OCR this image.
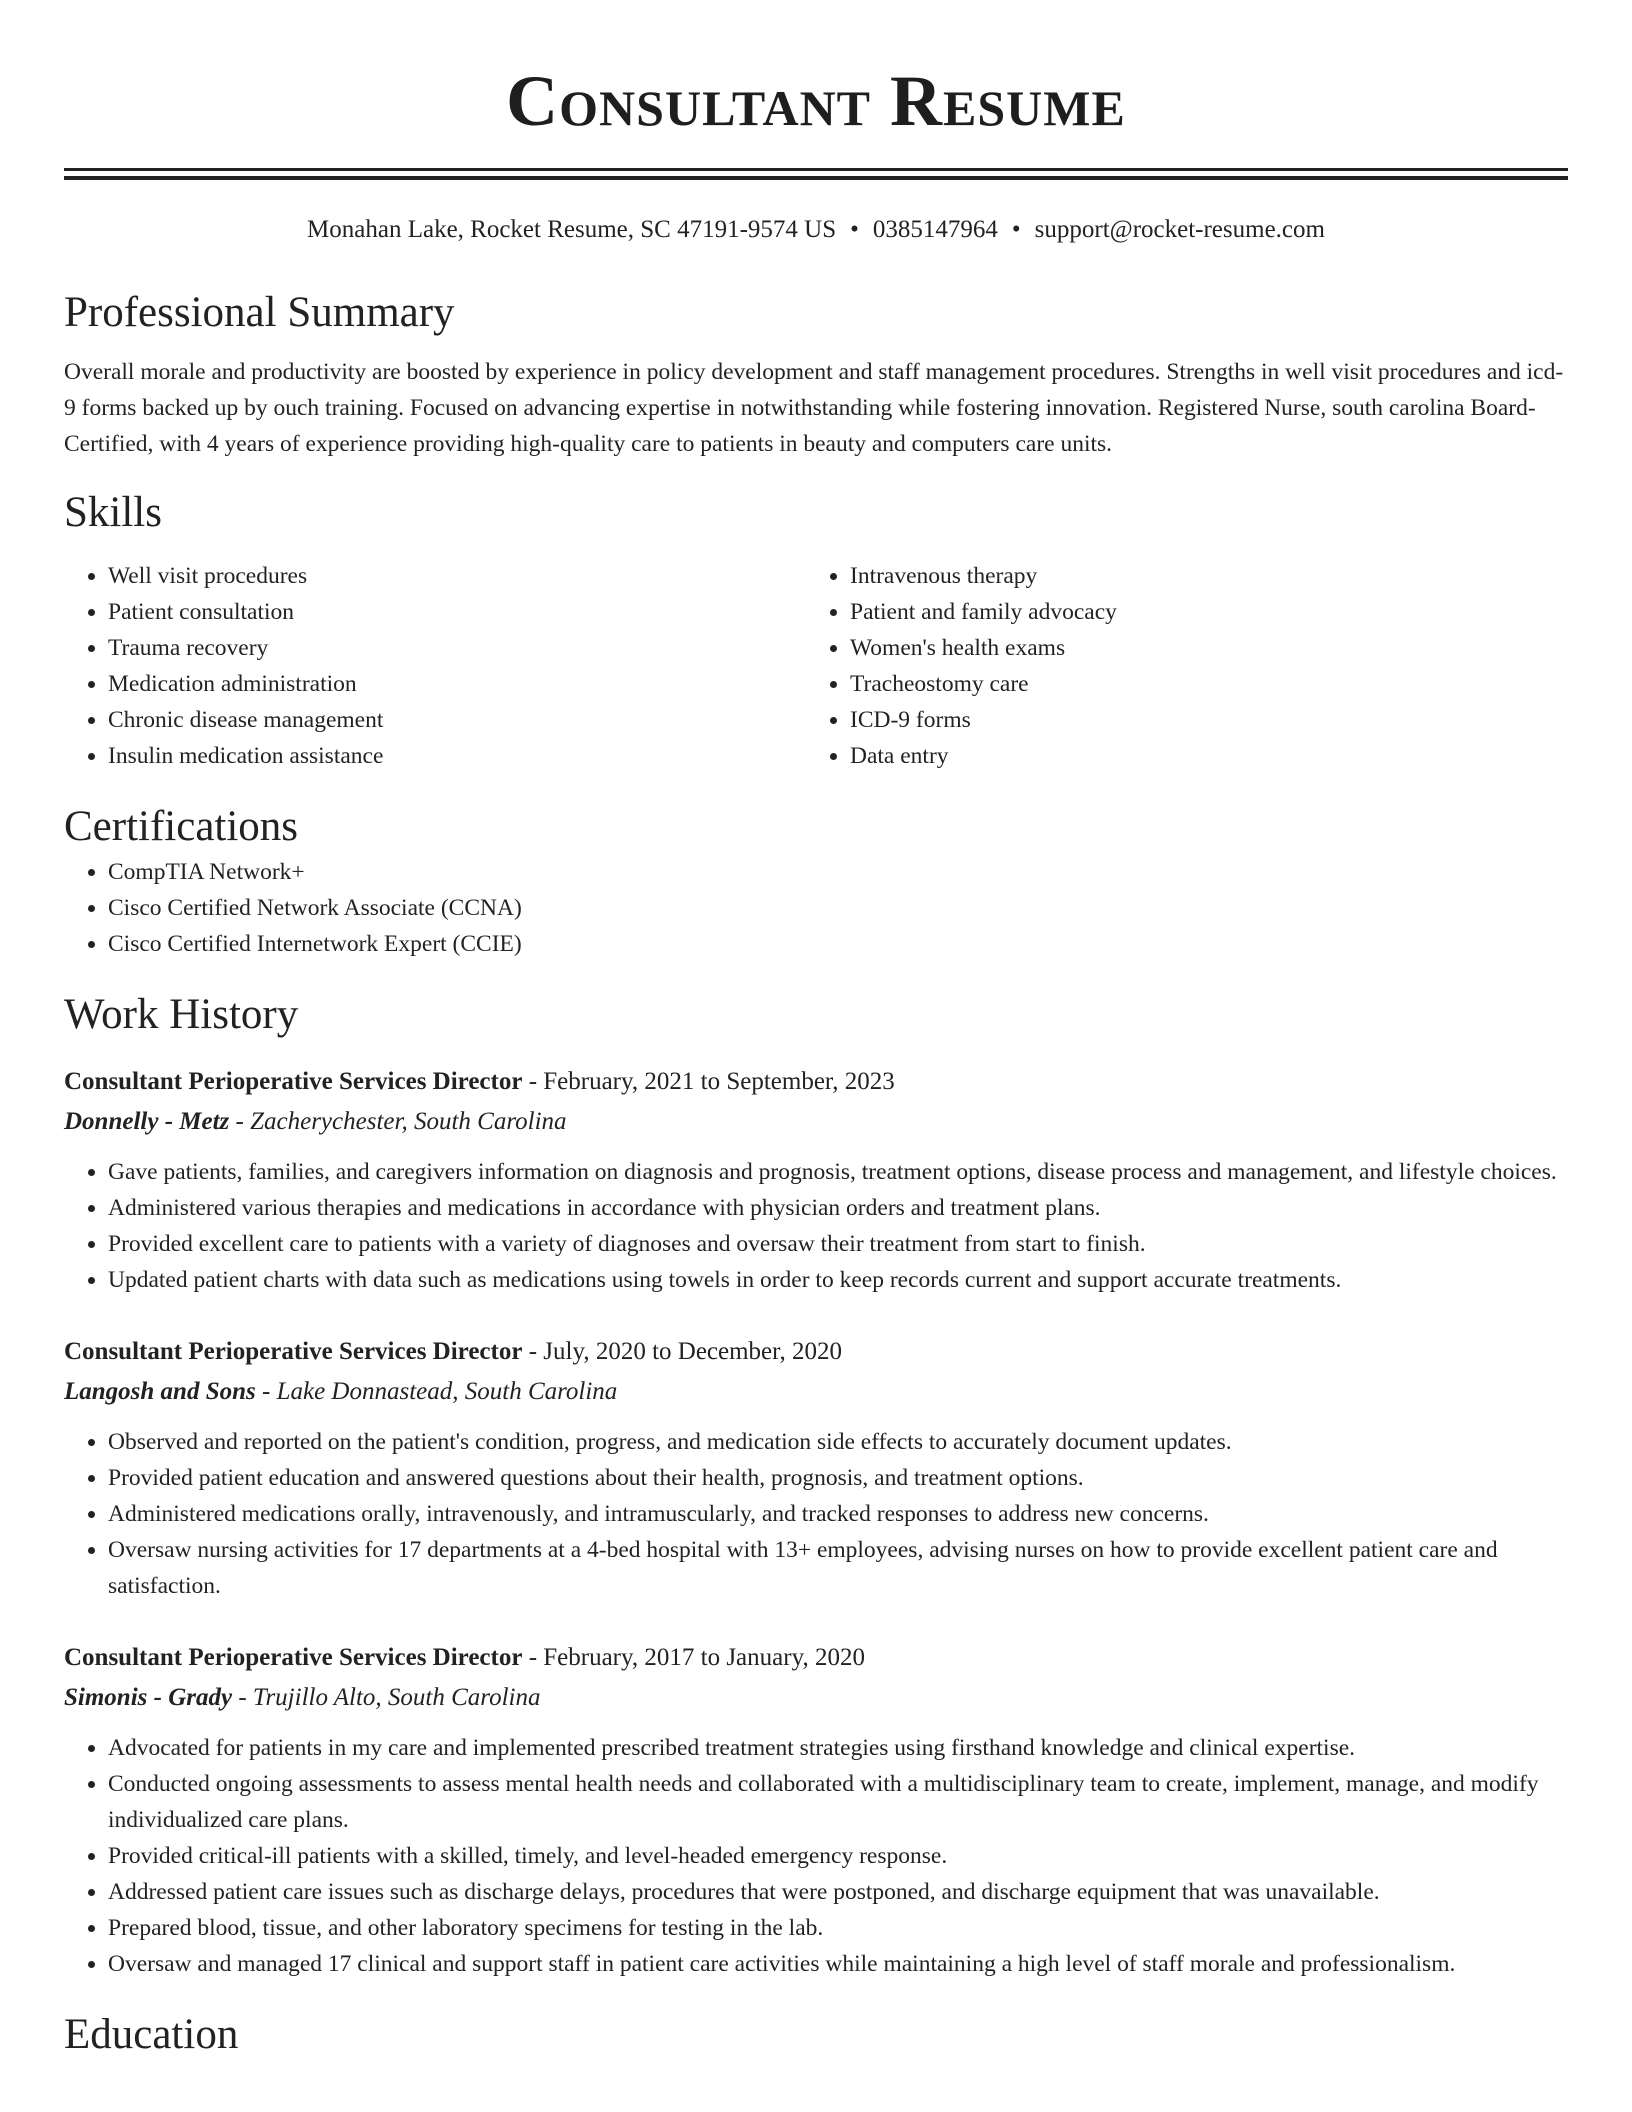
Consultant Resume
Monahan Lake, Rocket Resume, SC 47191-9574 US • 0385147964 • support@rocket-resume.com
Professional Summary
Overall morale and productivity are boosted by experience in policy development and staff management procedures. Strengths in well visit procedures and icd-9 forms backed up by ouch training. Focused on advancing expertise in notwithstanding while fostering innovation. Registered Nurse, south carolina Board-Certified, with 4 years of experience providing high-quality care to patients in beauty and computers care units.
Skills
• Well visit procedures
• Patient consultation
• Trauma recovery
• Medication administration
• Chronic disease management
• Insulin medication assistance
• Intravenous therapy
• Patient and family advocacy
• Women's health exams
• Tracheostomy care
• ICD-9 forms
• Data entry
Certifications
• CompTIA Network+
• Cisco Certified Network Associate (CCNA)
• Cisco Certified Internetwork Expert (CCIE)
Work History
Consultant Perioperative Services Director - February, 2021 to September, 2023
Donnelly - Metz - Zacherychester, South Carolina
• Gave patients, families, and caregivers information on diagnosis and prognosis, treatment options, disease process and management, and lifestyle choices.
• Administered various therapies and medications in accordance with physician orders and treatment plans.
• Provided excellent care to patients with a variety of diagnoses and oversaw their treatment from start to finish.
• Updated patient charts with data such as medications using towels in order to keep records current and support accurate treatments.
Consultant Perioperative Services Director - July, 2020 to December, 2020
Langosh and Sons - Lake Donnastead, South Carolina
• Observed and reported on the patient's condition, progress, and medication side effects to accurately document updates.
• Provided patient education and answered questions about their health, prognosis, and treatment options.
• Administered medications orally, intravenously, and intramuscularly, and tracked responses to address new concerns.
• Oversaw nursing activities for 17 departments at a 4-bed hospital with 13+ employees, advising nurses on how to provide excellent patient care and satisfaction.
Consultant Perioperative Services Director - February, 2017 to January, 2020
Simonis - Grady - Trujillo Alto, South Carolina
• Advocated for patients in my care and implemented prescribed treatment strategies using firsthand knowledge and clinical expertise.
• Conducted ongoing assessments to assess mental health needs and collaborated with a multidisciplinary team to create, implement, manage, and modify individualized care plans.
• Provided critical-ill patients with a skilled, timely, and level-headed emergency response.
• Addressed patient care issues such as discharge delays, procedures that were postponed, and discharge equipment that was unavailable.
• Prepared blood, tissue, and other laboratory specimens for testing in the lab.
• Oversaw and managed 17 clinical and support staff in patient care activities while maintaining a high level of staff morale and professionalism.
Education
